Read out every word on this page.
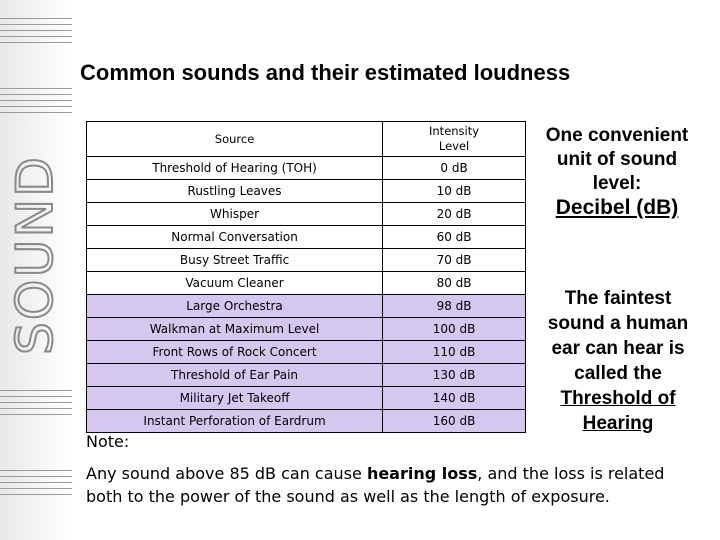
SOUND
Common sounds and their estimated loudness
Source	Intensity Level
Threshold of Hearing (TOH)	0 dB
Rustling Leaves	10 dB
Whisper	20 dB
Normal Conversation	60 dB
Busy Street Traffic	70 dB
Vacuum Cleaner	80 dB
Large Orchestra	98 dB
Walkman at Maximum Level	100 dB
Front Rows of Rock Concert	110 dB
Threshold of Ear Pain	130 dB
Military Jet Takeoff	140 dB
Instant Perforation of Eardrum	160 dB
One convenient unit of sound level:
Decibel (dB)
The faintest sound a human ear can hear is called the
Threshold of Hearing
Note:
Any sound above 85 dB can cause hearing loss, and the loss is related both to the power of the sound as well as the length of exposure.
